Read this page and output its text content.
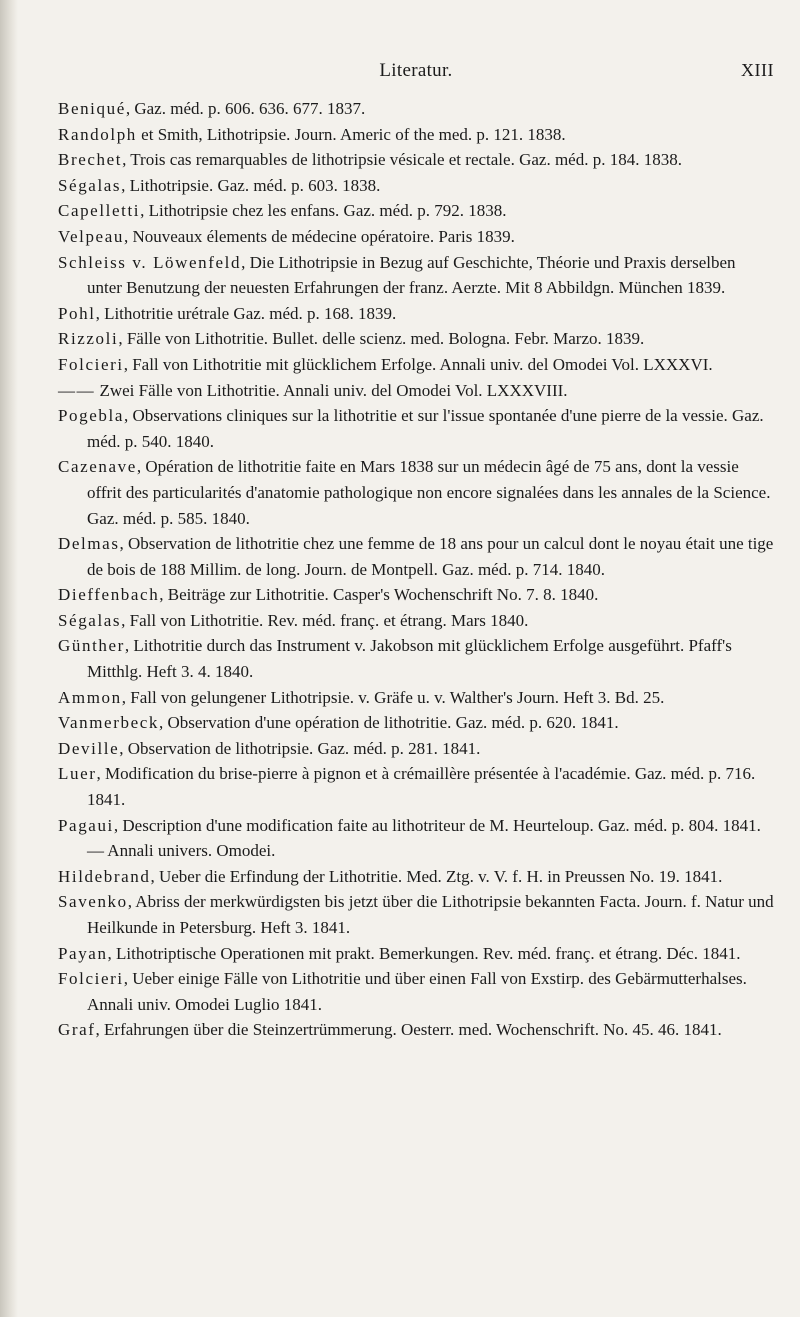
Literatur.	XIII

Beniqué, Gaz. méd. p. 606. 636. 677. 1837.

Randolph et Smith, Lithotripsie. Journ. Americ of the med. p. 121. 1838.

Brechet, Trois cas remarquables de lithotripsie vésicale et rectale. Gaz. méd. p. 184. 1838.

Ségalas, Lithotripsie. Gaz. méd. p. 603. 1838.

Capelletti, Lithotripsie chez les enfans. Gaz. méd. p. 792. 1838.

Velpeau, Nouveaux élements de médecine opératoire. Paris 1839.

Schleiss v. Löwenfeld, Die Lithotripsie in Bezug auf Geschichte, Théorie und Praxis derselben unter Benutzung der neuesten Erfahrungen der franz. Aerzte. Mit 8 Abbildgn. München 1839.

Pohl, Lithotritie urétrale Gaz. méd. p. 168. 1839.

Rizzoli, Fälle von Lithotritie. Bullet. delle scienz. med. Bologna. Febr. Marzo. 1839.

Folcieri, Fall von Lithotritie mit glücklichem Erfolge. Annali univ. del Omodei Vol. LXXXVI.

—— Zwei Fälle von Lithotritie. Annali univ. del Omodei Vol. LXXXVIII.

Pogebla, Observations cliniques sur la lithotritie et sur l'issue spontanée d'une pierre de la vessie. Gaz. méd. p. 540. 1840.

Cazenave, Opération de lithotritie faite en Mars 1838 sur un médecin âgé de 75 ans, dont la vessie offrit des particularités d'anatomie pathologique non encore signalées dans les annales de la Science. Gaz. méd. p. 585. 1840.

Delmas, Observation de lithotritie chez une femme de 18 ans pour un calcul dont le noyau était une tige de bois de 188 Millim. de long. Journ. de Montpell. Gaz. méd. p. 714. 1840.

Dieffenbach, Beiträge zur Lithotritie. Casper's Wochenschrift No. 7. 8. 1840.

Ségalas, Fall von Lithotritie. Rev. méd. franç. et étrang. Mars 1840.

Günther, Lithotritie durch das Instrument v. Jakobson mit glücklichem Erfolge ausgeführt. Pfaff's Mitthlg. Heft 3. 4. 1840.

Ammon, Fall von gelungener Lithotripsie. v. Gräfe u. v. Walther's Journ. Heft 3. Bd. 25.

Vanmerbeck, Observation d'une opération de lithotritie. Gaz. méd. p. 620. 1841.

Deville, Observation de lithotripsie. Gaz. méd. p. 281. 1841.

Luer, Modification du brise-pierre à pignon et à crémaillère présentée à l'académie. Gaz. méd. p. 716. 1841.

Pagaui, Description d'une modification faite au lithotriteur de M. Heurteloup. Gaz. méd. p. 804. 1841. — Annali univers. Omodei.

Hildebrand, Ueber die Erfindung der Lithotritie. Med. Ztg. v. V. f. H. in Preussen No. 19. 1841.

Savenko, Abriss der merkwürdigsten bis jetzt über die Lithotripsie bekannten Facta. Journ. f. Natur und Heilkunde in Petersburg. Heft 3. 1841.

Payan, Lithotriptische Operationen mit prakt. Bemerkungen. Rev. méd. franç. et étrang. Déc. 1841.

Folcieri, Ueber einige Fälle von Lithotritie und über einen Fall von Exstirp. des Gebärmutterhalses. Annali univ. Omodei Luglio 1841.

Graf, Erfahrungen über die Steinzertrümmerung. Oesterr. med. Wochenschrift. No. 45. 46. 1841.
